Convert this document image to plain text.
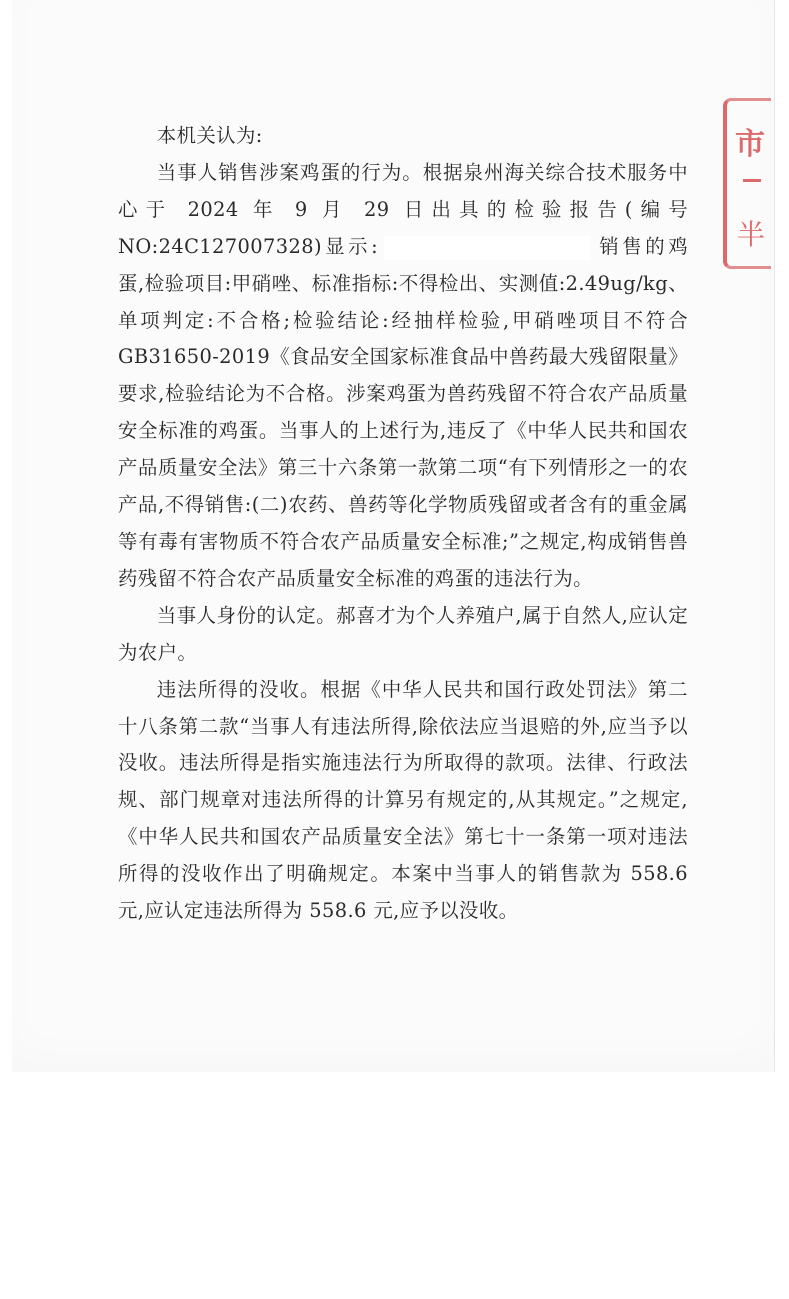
市
半

本机关认为:

当事人销售涉案鸡蛋的行为。根据泉州海关综合技术服务中心于 2024 年 9 月 29 日出具的检验报告(编号 NO:24C127007328)显示:	销售的鸡蛋,检验项目:甲硝唑、标准指标:不得检出、实测值:2.49ug/kg、单项判定:不合格;检验结论:经抽样检验,甲硝唑项目不符合GB31650-2019《食品安全国家标准食品中兽药最大残留限量》要求,检验结论为不合格。涉案鸡蛋为兽药残留不符合农产品质量安全标准的鸡蛋。当事人的上述行为,违反了《中华人民共和国农产品质量安全法》第三十六条第一款第二项“有下列情形之一的农产品,不得销售:(二)农药、兽药等化学物质残留或者含有的重金属等有毒有害物质不符合农产品质量安全标准;”之规定,构成销售兽药残留不符合农产品质量安全标准的鸡蛋的违法行为。

当事人身份的认定。郝喜才为个人养殖户,属于自然人,应认定为农户。

违法所得的没收。根据《中华人民共和国行政处罚法》第二十八条第二款“当事人有违法所得,除依法应当退赔的外,应当予以没收。违法所得是指实施违法行为所取得的款项。法律、行政法规、部门规章对违法所得的计算另有规定的,从其规定。”之规定,《中华人民共和国农产品质量安全法》第七十一条第一项对违法所得的没收作出了明确规定。本案中当事人的销售款为 558.6 元,应认定违法所得为 558.6 元,应予以没收。
